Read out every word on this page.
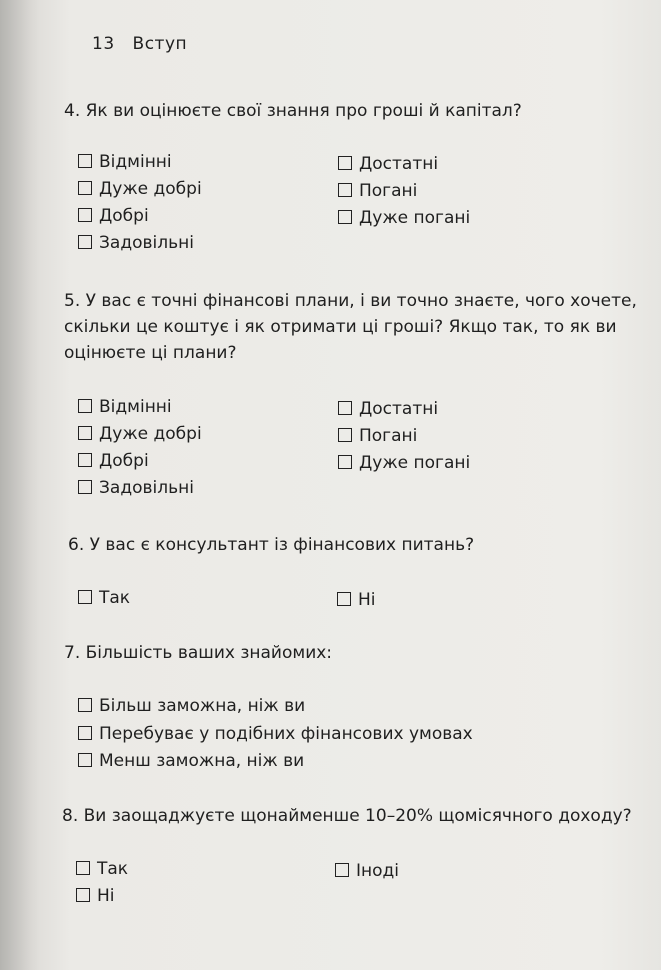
13 Вступ
4. Як ви оцінюєте свої знання про гроші й капітал?
Відмінні
Дуже добрі
Добрі
Задовільні
Достатні
Погані
Дуже погані
5. У вас є точні фінансові плани, і ви точно знаєте, чого хочете,
скільки це коштує і як отримати ці гроші? Якщо так, то як ви
оцінюєте ці плани?
Відмінні
Дуже добрі
Добрі
Задовільні
Достатні
Погані
Дуже погані
6. У вас є консультант із фінансових питань?
Так	Ні
7. Більшість ваших знайомих:
Більш заможна, ніж ви
Перебуває у подібних фінансових умовах
Менш заможна, ніж ви
8. Ви заощаджуєте щонайменше 10–20% щомісячного доходу?
Так	Іноді
Ні
